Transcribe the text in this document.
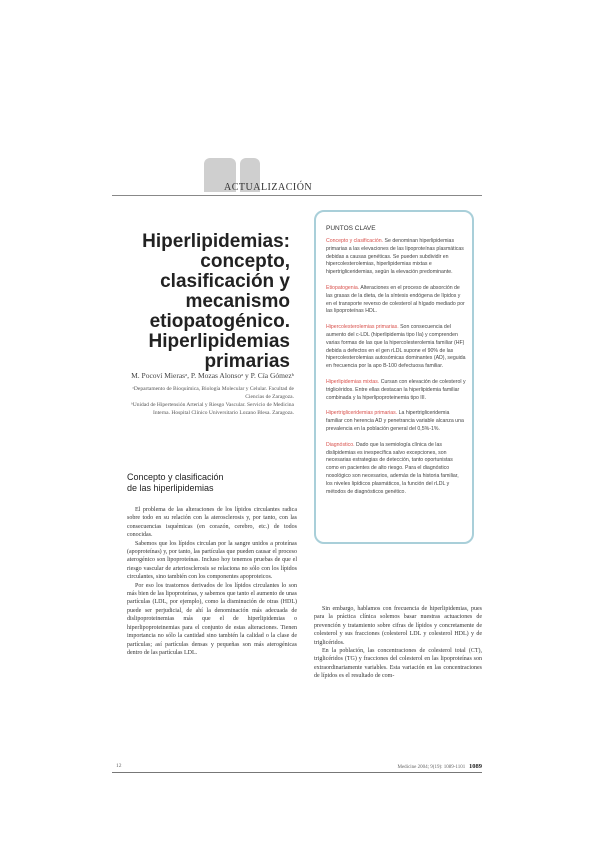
ACTUALIZACIÓN
Hiperlipidemias: concepto, clasificación y mecanismo etiopatogénico. Hiperlipidemias primarias
M. Pocoví Mierasᵃ, P. Mozas Alonsoᵃ y P. Cía Gómezᵇ
ᵃDepartamento de Bioquímica, Biología Molecular y Celular. Facultad de Ciencias de Zaragoza.
ᵇUnidad de Hipertensión Arterial y Riesgo Vascular. Servicio de Medicina Interna. Hospital Clínico Universitario Lozano Blesa. Zaragoza.
Concepto y clasificación
de las hiperlipidemias

El problema de las alteraciones de los lípidos circulantes radica sobre todo en su relación con la aterosclerosis y, por tanto, con las consecuencias isquémicas (en corazón, cerebro, etc.) de todos conocidas.

Sabemos que los lípidos circulan por la sangre unidos a proteínas (apoproteínas) y, por tanto, las partículas que pueden causar el proceso aterogénico son lipoproteínas. Incluso hoy tenemos pruebas de que el riesgo vascular de arteriosclerosis se relaciona no sólo con los lípidos circulantes, sino también con los componentes apoproteicos.

Por eso los trastornos derivados de los lípidos circulantes lo son más bien de las lipoproteínas, y sabemos que tanto el aumento de unas partículas (LDL, por ejemplo), como la disminución de otras (HDL) puede ser perjudicial, de ahí la denominación más adecuada de dislipoproteinemias más que el de hiperlipidemias o hiperlipoproteinemias para el conjunto de estas alteraciones. Tienen importancia no sólo la cantidad sino también la calidad o la clase de partículas; así partículas densas y pequeñas son más aterogénicas dentro de las partículas LDL.

PUNTOS CLAVE

Concepto y clasificación. Se denominan hiperlipidemias primarias a las elevaciones de las lipoproteínas plasmáticas debidas a causas genéticas. Se pueden subdividir en hipercolesterolemias, hiperlipidemias mixtas e hipertrigliceridemias, según la elevación predominante.

Etiopatogenia. Alteraciones en el proceso de absorción de las grasas de la dieta, de la síntesis endógena de lípidos y en el transporte reverso de colesterol al hígado mediado por las lipoproteínas HDL.

Hipercolesterolemias primarias. Son consecuencia del aumento del c-LDL (hiperlipidemia tipo IIa) y comprenden varias formas de las que la hipercolesterolemia familiar (HF) debida a defectos en el gen rLDL supone el 90% de las hipercolesterolemias autosómicas dominantes (AD), seguida en frecuencia por la apo B-100 defectuosa familiar.

Hiperlipidemias mixtas. Cursan con elevación de colesterol y triglicéridos. Entre ellas destacan la hiperlipidemia familiar combinada y la hiperlipoproteinemia tipo III.

Hipertrigliceridemias primarias. La hipertrigliceridemia familiar con herencia AD y penetrancia variable alcanza una prevalencia en la población general del 0,5%-1%.

Diagnóstico. Dado que la semiología clínica de las dislipidemias es inespecífica salvo excepciones, son necesarias estrategias de detección, tanto oportunistas como en pacientes de alto riesgo. Para el diagnóstico nosológico son necesarios, además de la historia familiar, los niveles lipídicos plasmáticos, la función del rLDL y métodos de diagnósticos genético.

12	Medicine 2004; 9(19): 1089-1101 1089

Sin embargo, hablamos con frecuencia de hiperlipidemias, pues para la práctica clínica solemos basar nuestras actuaciones de prevención y tratamiento sobre cifras de lípidos y concretamente de colesterol y sus fracciones (colesterol LDL y colesterol HDL) y de triglicéridos.

En la población, las concentraciones de colesterol total (CT), triglicéridos (TG) y fracciones del colesterol en las lipoproteínas son extraordinariamente variables. Esta variación en las concentraciones de lípidos es el resultado de com-
